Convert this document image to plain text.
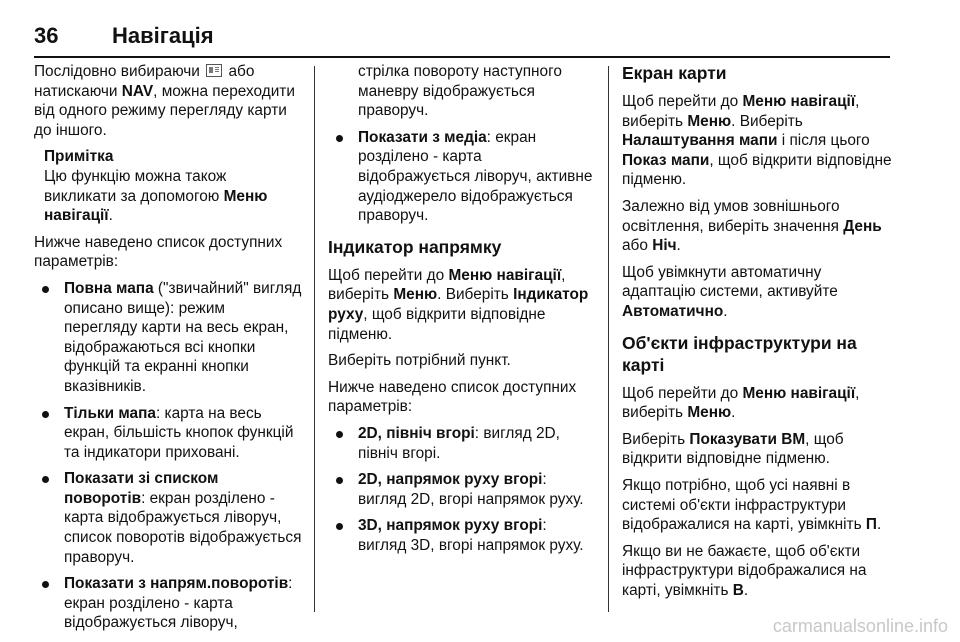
36	Навігація

Послідовно вибираючи або натискаючи NAV, можна переходити від одного режиму перегляду карти до іншого.

Примітка
Цю функцію можна також викликати за допомогою Меню навігації.

Нижче наведено список доступних параметрів:

Повна мапа ("звичайний" вигляд описано вище): режим перегляду карти на весь екран, відображаються всі кнопки функцій та екранні кнопки вказівників.
Тільки мапа: карта на весь екран, більшість кнопок функцій та індикатори приховані.
Показати зі списком поворотів: екран розділено - карта відображується ліворуч, список поворотів відображується праворуч.
Показати з напрям.поворотів: екран розділено - карта відображується ліворуч,

стрілка повороту наступного маневру відображується праворуч.

Показати з медіа: екран розділено - карта відображується ліворуч, активне аудіоджерело відображується праворуч.
Індикатор напрямку

Щоб перейти до Меню навігації, виберіть Меню. Виберіть Індикатор руху, щоб відкрити відповідне підменю.

Виберіть потрібний пункт.

Нижче наведено список доступних параметрів:

2D, північ вгорі: вигляд 2D, північ вгорі.
2D, напрямок руху вгорі: вигляд 2D, вгорі напрямок руху.
3D, напрямок руху вгорі: вигляд 3D, вгорі напрямок руху.
Екран карти

Щоб перейти до Меню навігації, виберіть Меню. Виберіть Налаштування мапи і після цього Показ мапи, щоб відкрити відповідне підменю.

Залежно від умов зовнішнього освітлення, виберіть значення День або Ніч.

Щоб увімкнути автоматичну адаптацію системи, активуйте Автоматично.

Об'єкти інфраструктури на карті

Щоб перейти до Меню навігації, виберіть Меню.

Виберіть Показувати ВМ, щоб відкрити відповідне підменю.

Якщо потрібно, щоб усі наявні в системі об'єкти інфраструктури відображалися на карті, увімкніть П.

Якщо ви не бажаєте, щоб об'єкти інфраструктури відображалися на карті, увімкніть В.

carmanualsonline.info
